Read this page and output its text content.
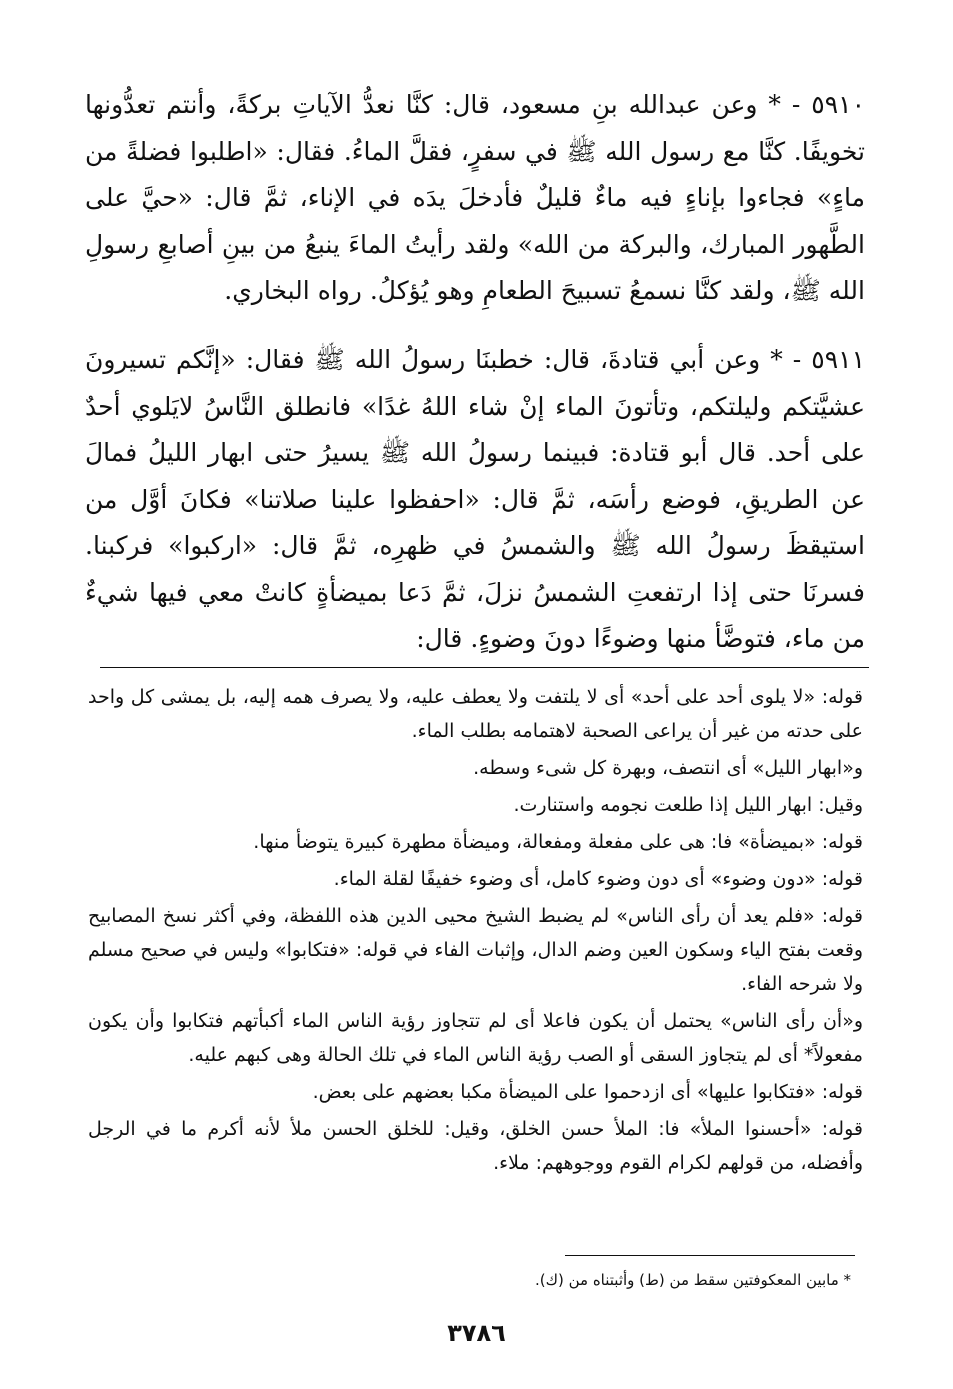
٥٩١٠ - * وعن عبدالله بنِ مسعود، قال: كنَّا نعدُّ الآياتِ بركةً، وأنتم تعدُّونها تخويفًا. كنَّا مع رسول الله ﷺ في سفرٍ، فقلَّ الماءُ. فقال: «اطلبوا فضلةً من ماءٍ» فجاءوا بإناءٍ فيه ماءٌ قليلٌ فأدخلَ يدَه في الإناء، ثمَّ قال: «حيَّ على الطَّهور المبارك، والبركة من الله» ولقد رأيتُ الماءَ ينبعُ من بينِ أصابعِ رسولِ الله ﷺ، ولقد كنَّا نسمعُ تسبيحَ الطعامِ وهو يُؤكلُ. رواه البخاري.

٥٩١١ - * وعن أبي قتادةَ، قال: خطبنَا رسولُ الله ﷺ فقال: «إنَّكم تسيرونَ عشيَّتكم وليلتكم، وتأتونَ الماء إنْ شاء اللهُ غدًا» فانطلق النَّاسُ لايَلوي أحدٌ على أحد. قال أبو قتادة: فبينما رسولُ الله ﷺ يسيرُ حتى ابهار الليلُ فمالَ عن الطريقِ، فوضع رأسَه، ثمَّ قال: «احفظوا علينا صلاتنا» فكانَ أوَّل من استيقظَ رسولُ الله ﷺ والشمسُ في ظهرِه، ثمَّ قال: «اركبوا» فركبنا. فسرنَا حتى إذا ارتفعتِ الشمسُ نزلَ، ثمَّ دَعا بميضأةٍ كانتْ معي فيها شيءٌ من ماء، فتوضَّأ منها وضوءًا دونَ وضوءٍ. قال:

قوله: «لا يلوى أحد على أحد» أى لا يلتفت ولا يعطف عليه، ولا يصرف همه إليه، بل يمشى كل واحد على حدته من غير أن يراعى الصحبة لاهتمامه بطلب الماء.

و«ابهار الليل» أى انتصف، وبهرة كل شىء وسطه.

وقيل: ابهار الليل إذا طلعت نجومه واستنارت.

قوله: «بميضأة» فا: هى على مفعلة ومفعالة، وميضأة مطهرة كبيرة يتوضأ منها.

قوله: «دون وضوء» أى دون وضوء كامل، أى وضوء خفيفًا لقلة الماء.

قوله: «فلم يعد أن رأى الناس» لم يضبط الشيخ محيى الدين هذه اللفظة، وفي أكثر نسخ المصابيح وقعت بفتح الياء وسكون العين وضم الدال، وإثبات الفاء في قوله: «فتكابوا» وليس في صحيح مسلم ولا شرحه الفاء.

و«أن رأى الناس» يحتمل أن يكون فاعلا أى لم تتجاوز رؤية الناس الماء أكبأتهم فتكابوا وأن يكون مفعولاً* أى لم يتجاوز السقى أو الصب رؤية الناس الماء في تلك الحالة وهى كبهم عليه.

قوله: «فتكابوا عليها» أى ازدحموا على الميضأة مكبا بعضهم على بعض.

قوله: «أحسنوا الملأ» فا: الملأ حسن الخلق، وقيل: للخلق الحسن ملأ لأنه أكرم ما في الرجل وأفضله، من قولهم لكرام القوم ووجوههم: ملاء.

* مابين المعكوفتين سقط من (ط) وأثبتناه من (ك).
٣٧٨٦
